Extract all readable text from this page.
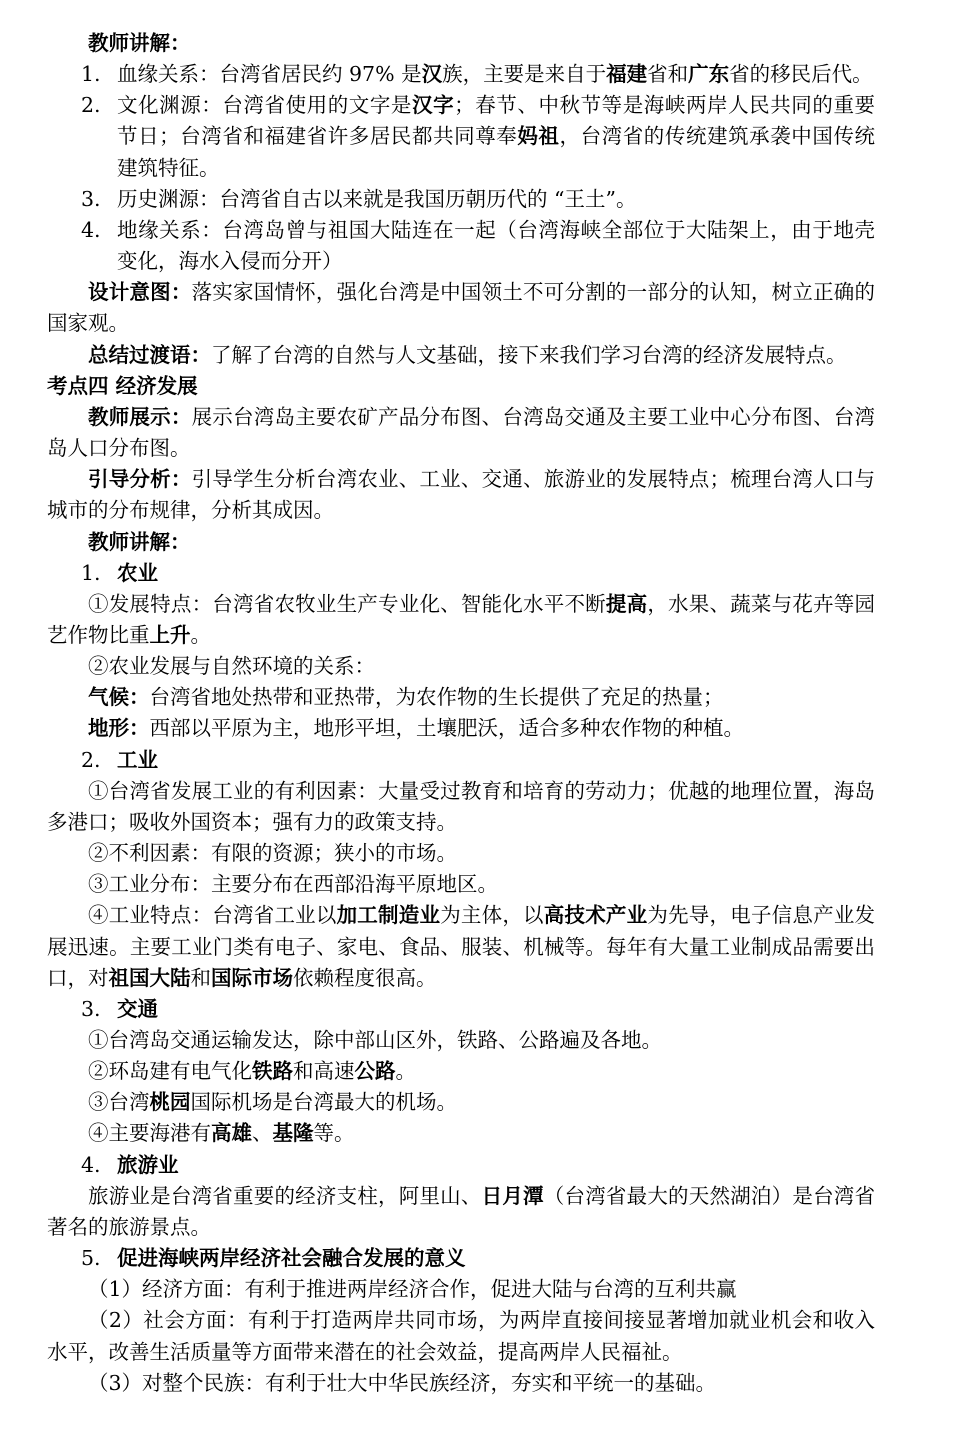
教师讲解：

1. 血缘关系：台湾省居民约 97% 是汉族，主要是来自于福建省和广东省的移民后代。

2. 文化渊源：台湾省使用的文字是汉字；春节、中秋节等是海峡两岸人民共同的重要节日；台湾省和福建省许多居民都共同尊奉妈祖，台湾省的传统建筑承袭中国传统建筑特征。

3. 历史渊源：台湾省自古以来就是我国历朝历代的 “王土”。

4. 地缘关系：台湾岛曾与祖国大陆连在一起（台湾海峡全部位于大陆架上，由于地壳变化，海水入侵而分开）

设计意图：落实家国情怀，强化台湾是中国领土不可分割的一部分的认知，树立正确的国家观。

总结过渡语：了解了台湾的自然与人文基础，接下来我们学习台湾的经济发展特点。

考点四 经济发展

教师展示：展示台湾岛主要农矿产品分布图、台湾岛交通及主要工业中心分布图、台湾岛人口分布图。

引导分析：引导学生分析台湾农业、工业、交通、旅游业的发展特点；梳理台湾人口与城市的分布规律，分析其成因。

教师讲解：

1. 农业

①发展特点：台湾省农牧业生产专业化、智能化水平不断提高，水果、蔬菜与花卉等园艺作物比重上升。

②农业发展与自然环境的关系：

气候：台湾省地处热带和亚热带，为农作物的生长提供了充足的热量；

地形：西部以平原为主，地形平坦，土壤肥沃，适合多种农作物的种植。

2. 工业

①台湾省发展工业的有利因素：大量受过教育和培育的劳动力；优越的地理位置，海岛多港口；吸收外国资本；强有力的政策支持。

②不利因素：有限的资源；狭小的市场。

③工业分布：主要分布在西部沿海平原地区。

④工业特点：台湾省工业以加工制造业为主体，以高技术产业为先导，电子信息产业发展迅速。主要工业门类有电子、家电、食品、服装、机械等。每年有大量工业制成品需要出口，对祖国大陆和国际市场依赖程度很高。

3. 交通

①台湾岛交通运输发达，除中部山区外，铁路、公路遍及各地。

②环岛建有电气化铁路和高速公路。

③台湾桃园国际机场是台湾最大的机场。

④主要海港有高雄、基隆等。

4. 旅游业

旅游业是台湾省重要的经济支柱，阿里山、日月潭（台湾省最大的天然湖泊）是台湾省著名的旅游景点。

5. 促进海峡两岸经济社会融合发展的意义

（1）经济方面：有利于推进两岸经济合作，促进大陆与台湾的互利共赢

（2）社会方面：有利于打造两岸共同市场，为两岸直接间接显著增加就业机会和收入水平，改善生活质量等方面带来潜在的社会效益，提高两岸人民福祉。

（3）对整个民族：有利于壮大中华民族经济，夯实和平统一的基础。
